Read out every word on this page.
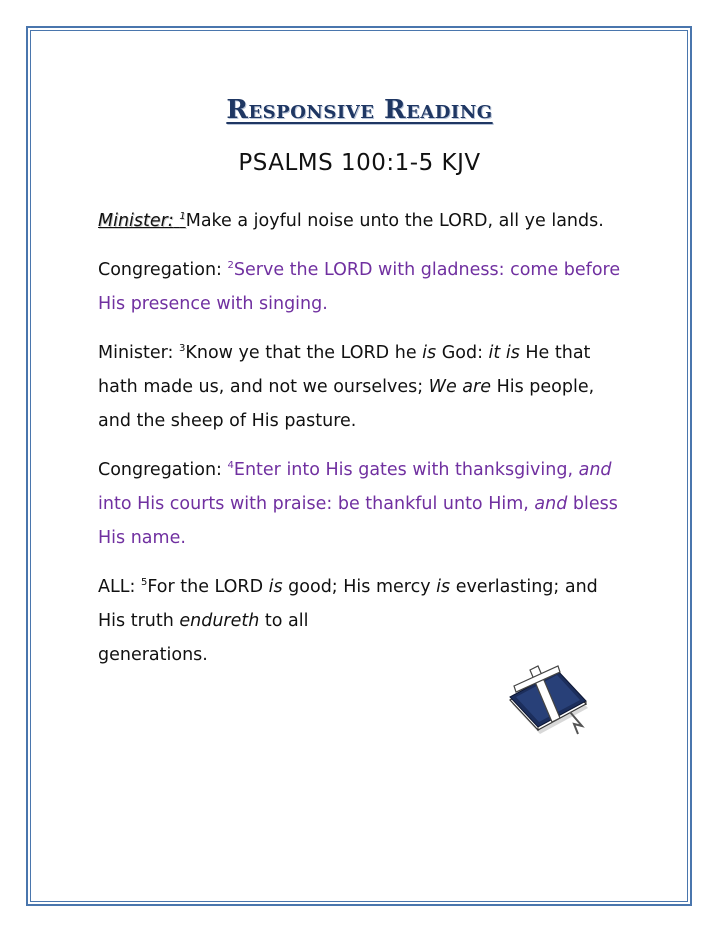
Responsive Reading
PSALMS 100:1-5 KJV

Minister: $^1$Make a joyful noise unto the LORD, all ye lands.

Congregation: $^2$Serve the LORD with gladness: come before His presence with singing.

Minister: $^3$Know ye that the LORD he is God: it is He that hath made us, and not we ourselves; We are His people, and the sheep of His pasture.

Congregation: $^4$Enter into His gates with thanksgiving, and into His courts with praise: be thankful unto Him, and bless His name.

ALL: $^5$For the LORD is good; His mercy is everlasting; and His truth endureth to all
generations.
